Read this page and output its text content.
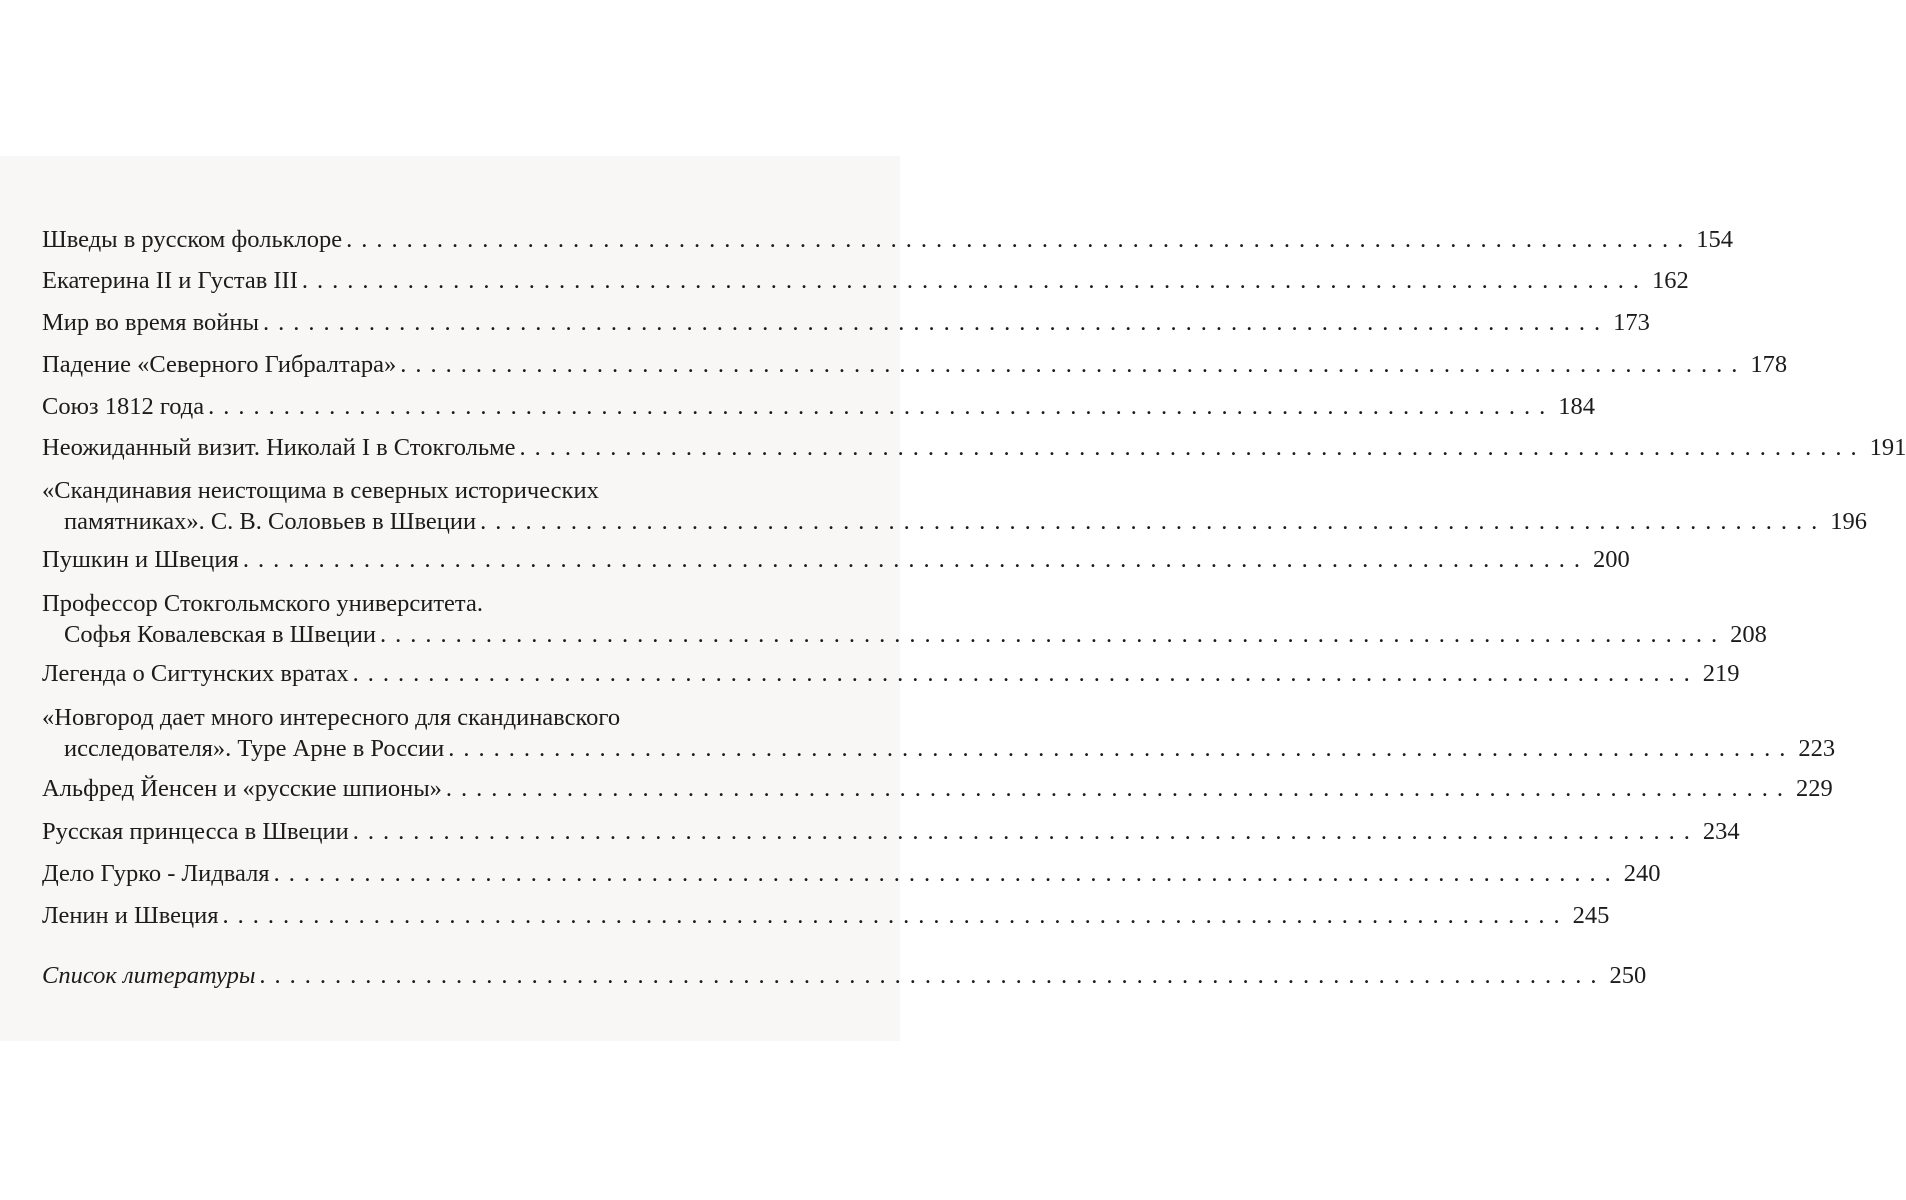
Шведы в русском фольклоре ......................................................................................... 154
Екатерина II и Густав III ......................................................................................... 162
Мир во время войны ......................................................................................... 173
Падение «Северного Гибралтара» ......................................................................................... 178
Союз 1812 года ......................................................................................... 184
Неожиданный визит. Николай I в Стокгольме ......................................................................................... 191
«Скандинавия неистощима в северных исторических
памятниках». С. В. Соловьев в Швеции ......................................................................................... 196
Пушкин и Швеция ......................................................................................... 200
Профессор Стокгольмского университета.
Софья Ковалевская в Швеции ......................................................................................... 208
Легенда о Сигтунских вратах ......................................................................................... 219
«Новгород дает много интересного для скандинавского
исследователя». Туре Арне в России ......................................................................................... 223
Альфред Йенсен и «русские шпионы» ......................................................................................... 229
Русская принцесса в Швеции ......................................................................................... 234
Дело Гурко - Лидваля ......................................................................................... 240
Ленин и Швеция ......................................................................................... 245
Список литературы ......................................................................................... 250
